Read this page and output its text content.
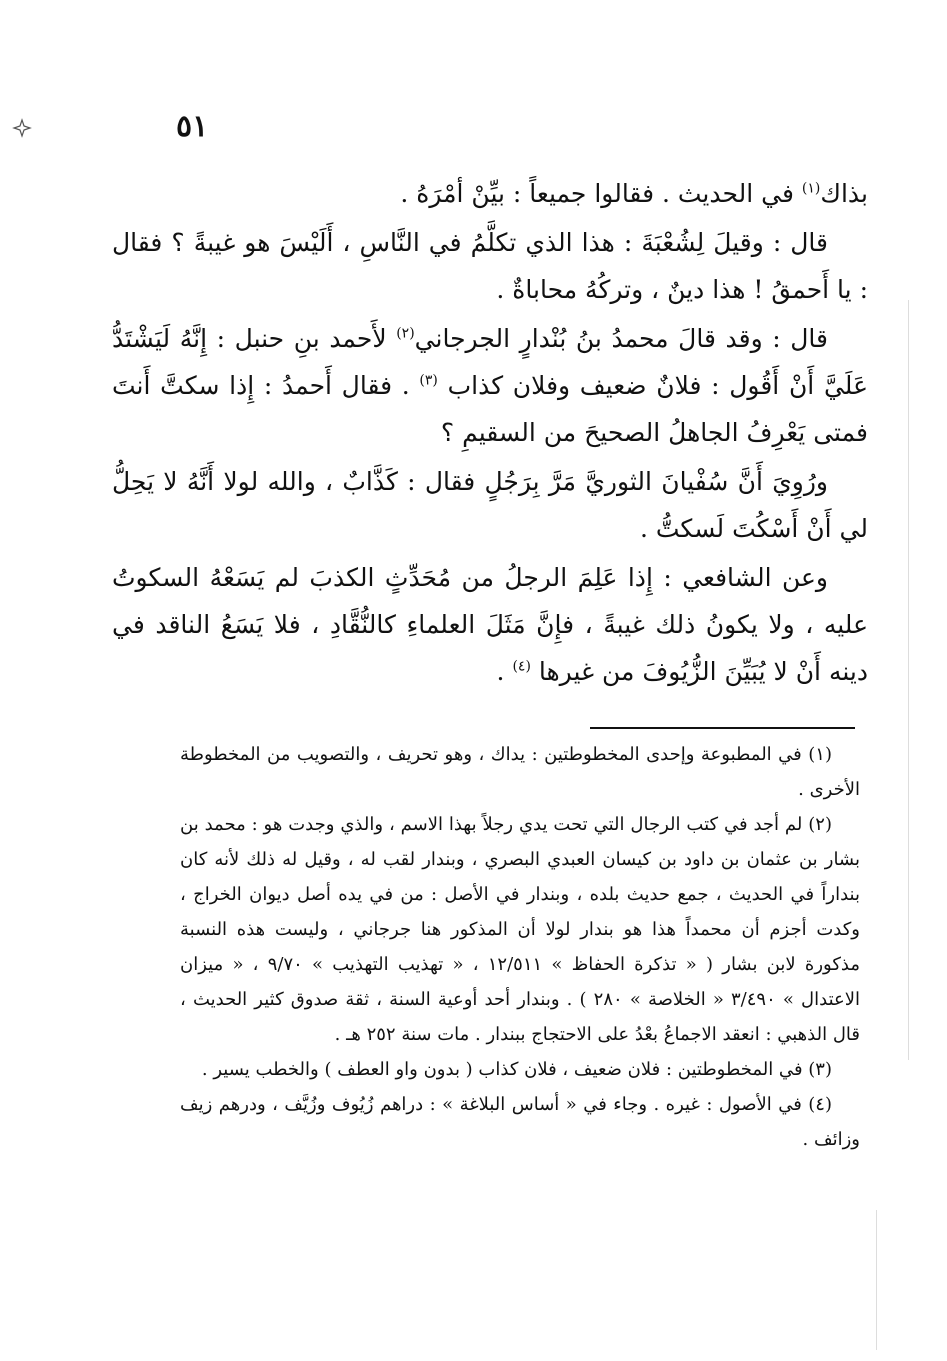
٥١

بذاك$^{(١)}$ في الحديث . فقالوا جميعاً : بيِّنْ أمْرَهُ .

قال : وقيلَ لِشُعْبَةَ : هذا الذي تكلَّمُ في النَّاسِ ، أَلَيْسَ هو غيبةً ؟ فقال : يا أَحمقُ ! هذا دينٌ ، وتركُهُ محاباةٌ .

قال : وقد قالَ محمدُ بنُ بُنْدارٍ الجرجاني$^{(٢)}$ لأَحمد بنِ حنبل : إِنَّهُ لَيَشْتَدُّ عَلَيَّ أَنْ أَقُول : فلانٌ ضعيف وفلان كذاب $^{(٣)}$ . فقال أَحمدُ : إِذا سكتَّ أَنتَ فمتى يَعْرِفُ الجاهلُ الصحيحَ من السقيمِ ؟

ورُوِيَ أَنَّ سُفْيانَ الثوريَّ مَرَّ بِرَجُلٍ فقال : كَذَّابٌ ، والله لولا أَنَّهُ لا يَحِلُّ لي أَنْ أَسْكُتَ لَسكتُّ .

وعن الشافعي : إِذا عَلِمَ الرجلُ من مُحَدِّثٍ الكذبَ لم يَسَعْهُ السكوتُ عليه ، ولا يكونُ ذلك غيبةً ، فإِنَّ مَثَلَ العلماءِ كالنُّقَّادِ ، فلا يَسَعُ الناقد في دينه أَنْ لا يُبَيِّنَ الزُّيُوفَ من غيرها $^{(٤)}$ .

(١) في المطبوعة وإحدى المخطوطتين : يداك ، وهو تحريف ، والتصويب من المخطوطة الأخرى .

(٢) لم أجد في كتب الرجال التي تحت يدي رجلاً بهذا الاسم ، والذي وجدت هو : محمد بن بشار بن عثمان بن داود بن كيسان العبدي البصري ، وبندار لقب له ، وقيل له ذلك لأنه كان بنداراً في الحديث ، جمع حديث بلده ، وبندار في الأصل : من في يده أصل ديوان الخراج ، وكدت أجزم أن محمداً هذا هو بندار لولا أن المذكور هنا جرجاني ، وليست هذه النسبة مذكورة لابن بشار ( « تذكرة الحفاظ » ١٢/٥١١ ، « تهذيب التهذيب » ٩/٧٠ ، « ميزان الاعتدال » ٣/٤٩٠ « الخلاصة » ٢٨٠ ) . وبندار أحد أوعية السنة ، ثقة صدوق كثير الحديث ، قال الذهبي : انعقد الاجماعُ بعْدُ على الاحتجاج ببندار . مات سنة ٢٥٢ هـ .

(٣) في المخطوطتين : فلان ضعيف ، فلان كذاب ( بدون واو العطف ) والخطب يسير .

(٤) في الأصول : غيره . وجاء في « أساس البلاغة » : دراهم زُيُوف وزُيَّف ، ودرهم زيف وزائف .
